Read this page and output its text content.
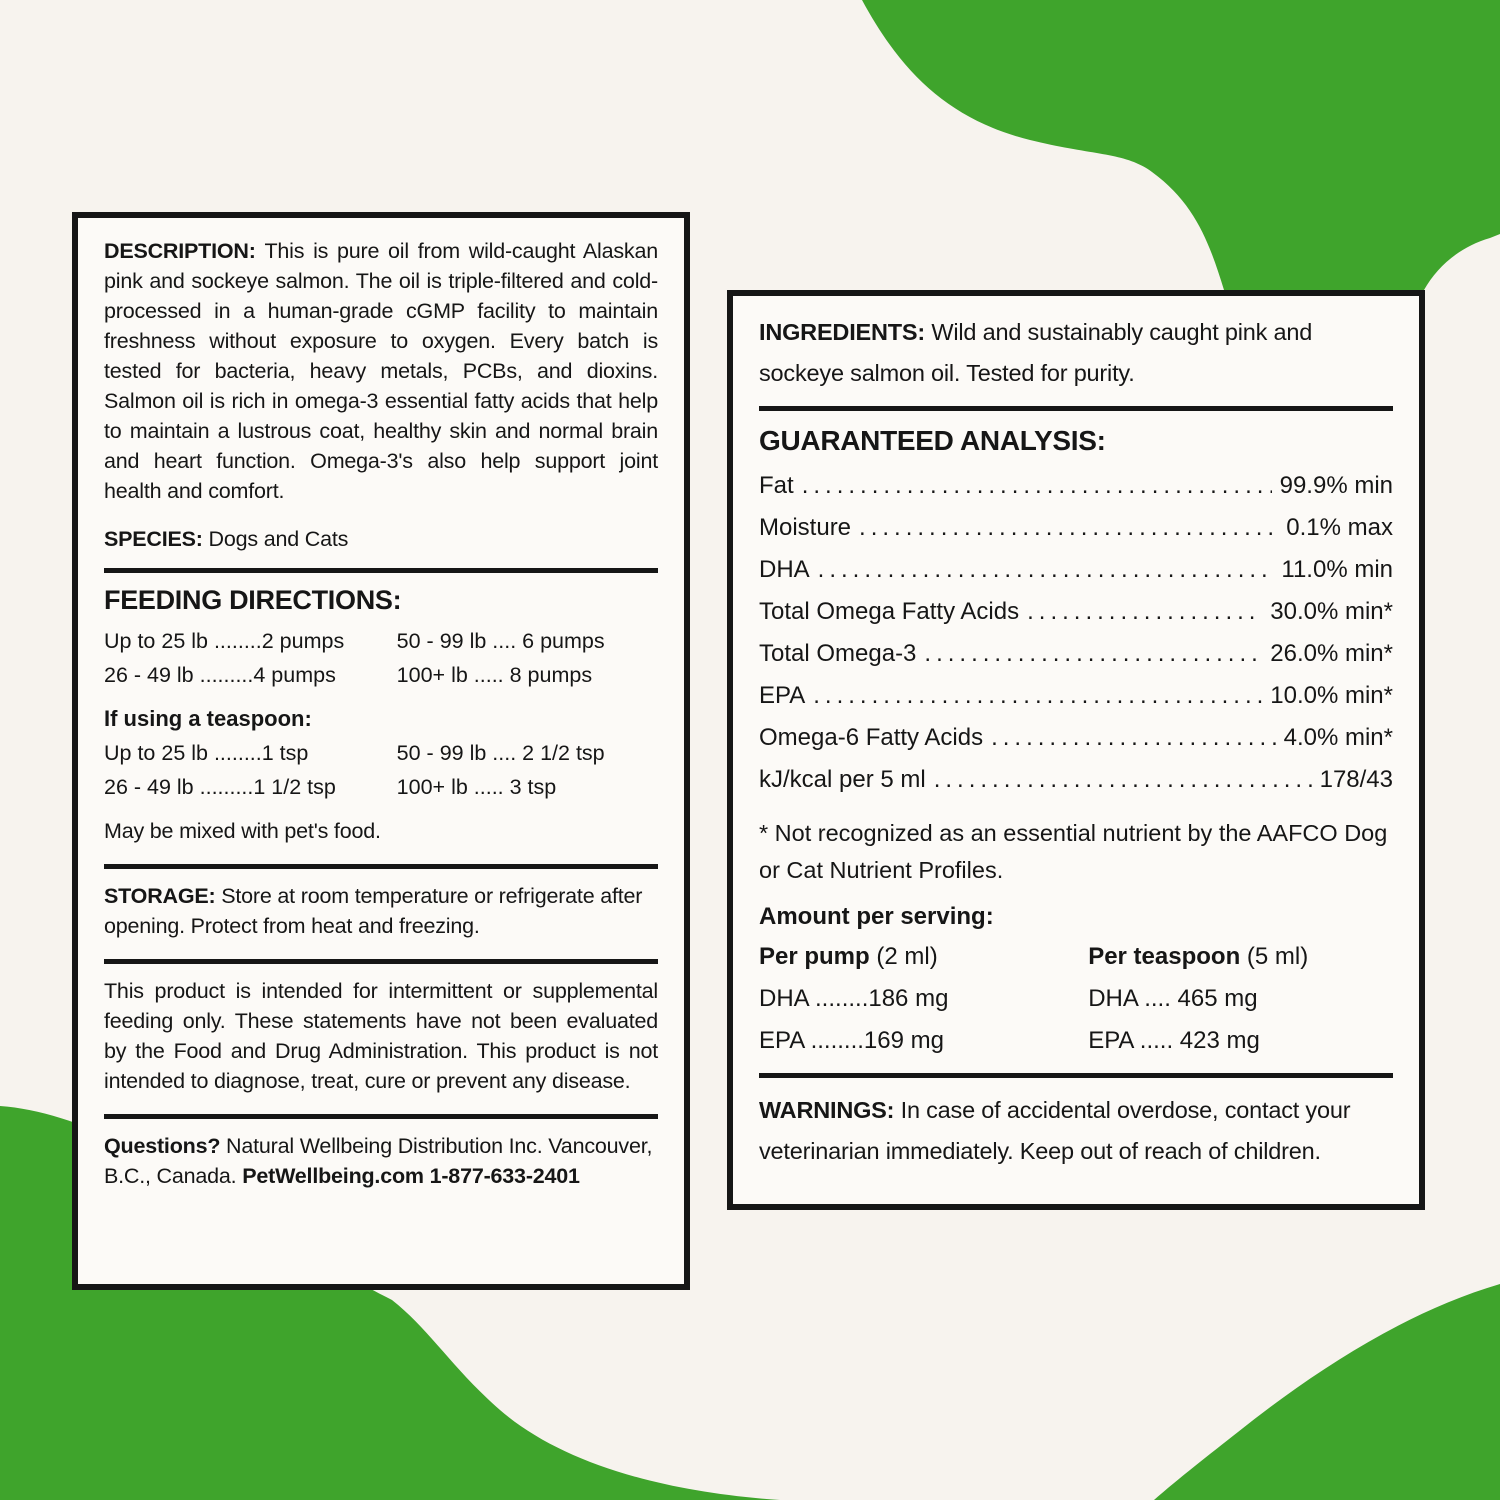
DESCRIPTION: This is pure oil from wild-caught Alaskan pink and sockeye salmon. The oil is triple-filtered and cold-processed in a human-grade cGMP facility to maintain freshness without exposure to oxygen. Every batch is tested for bacteria, heavy metals, PCBs, and dioxins. Salmon oil is rich in omega-3 essential fatty acids that help to maintain a lustrous coat, healthy skin and normal brain and heart function. Omega-3's also help support joint health and comfort.

SPECIES: Dogs and Cats

FEEDING DIRECTIONS:
Up to 25 lb ........2 pumps	50 - 99 lb .... 6 pumps
26 - 49 lb .........4 pumps	100+ lb ..... 8 pumps

If using a teaspoon:

Up to 25 lb ........1 tsp	50 - 99 lb .... 2 1/2 tsp
26 - 49 lb .........1 1/2 tsp	100+ lb ..... 3 tsp

May be mixed with pet's food.

STORAGE: Store at room temperature or refrigerate after opening. Protect from heat and freezing.

This product is intended for intermittent or supplemental feeding only. These statements have not been evaluated by the Food and Drug Administration. This product is not intended to diagnose, treat, cure or prevent any disease.

Questions? Natural Wellbeing Distribution Inc. Vancouver, B.C., Canada. PetWellbeing.com 1-877-633-2401

INGREDIENTS: Wild and sustainably caught pink and sockeye salmon oil. Tested for purity.

GUARANTEED ANALYSIS:
Fat .....	99.9% min
Moisture .....	0.1% max
DHA .....	11.0% min
Total Omega Fatty Acids .....	30.0% min*
Total Omega-3 .....	26.0% min*
EPA .....	10.0% min*
Omega-6 Fatty Acids .....	4.0% min*
kJ/kcal per 5 ml .....	178/43

* Not recognized as an essential nutrient by the AAFCO Dog or Cat Nutrient Profiles.

Amount per serving:

Per pump (2 ml)	Per teaspoon (5 ml)
DHA ........186 mg	DHA .... 465 mg
EPA ........169 mg	EPA ..... 423 mg

WARNINGS: In case of accidental overdose, contact your veterinarian immediately. Keep out of reach of children.
